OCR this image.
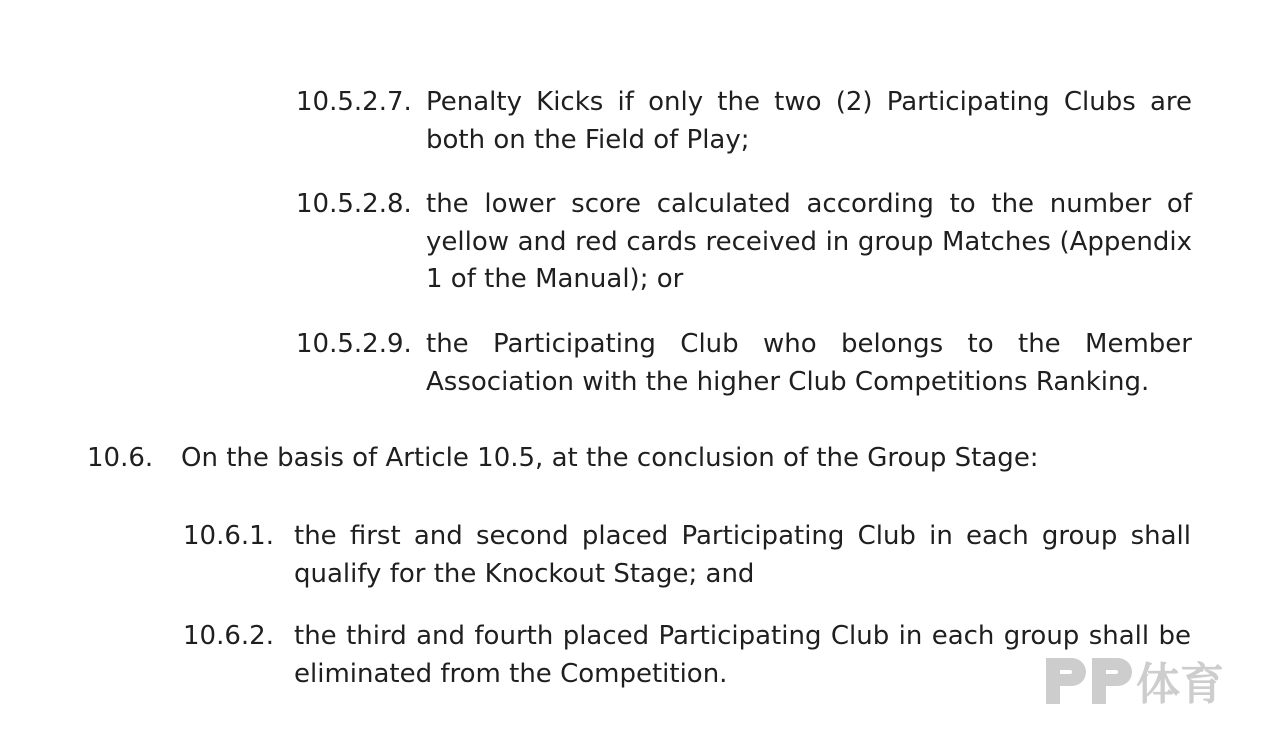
10.5.2.7. Penalty Kicks if only the two (2) Participating Clubs are both on the Field of Play;
10.5.2.8. the lower score calculated according to the number of yellow and red cards received in group Matches (Appendix 1 of the Manual); or
10.5.2.9. the Participating Club who belongs to the Member Association with the higher Club Competitions Ranking.
10.6. On the basis of Article 10.5, at the conclusion of the Group Stage:
10.6.1. the first and second placed Participating Club in each group shall qualify for the Knockout Stage; and
10.6.2. the third and fourth placed Participating Club in each group shall be eliminated from the Competition.	体育
